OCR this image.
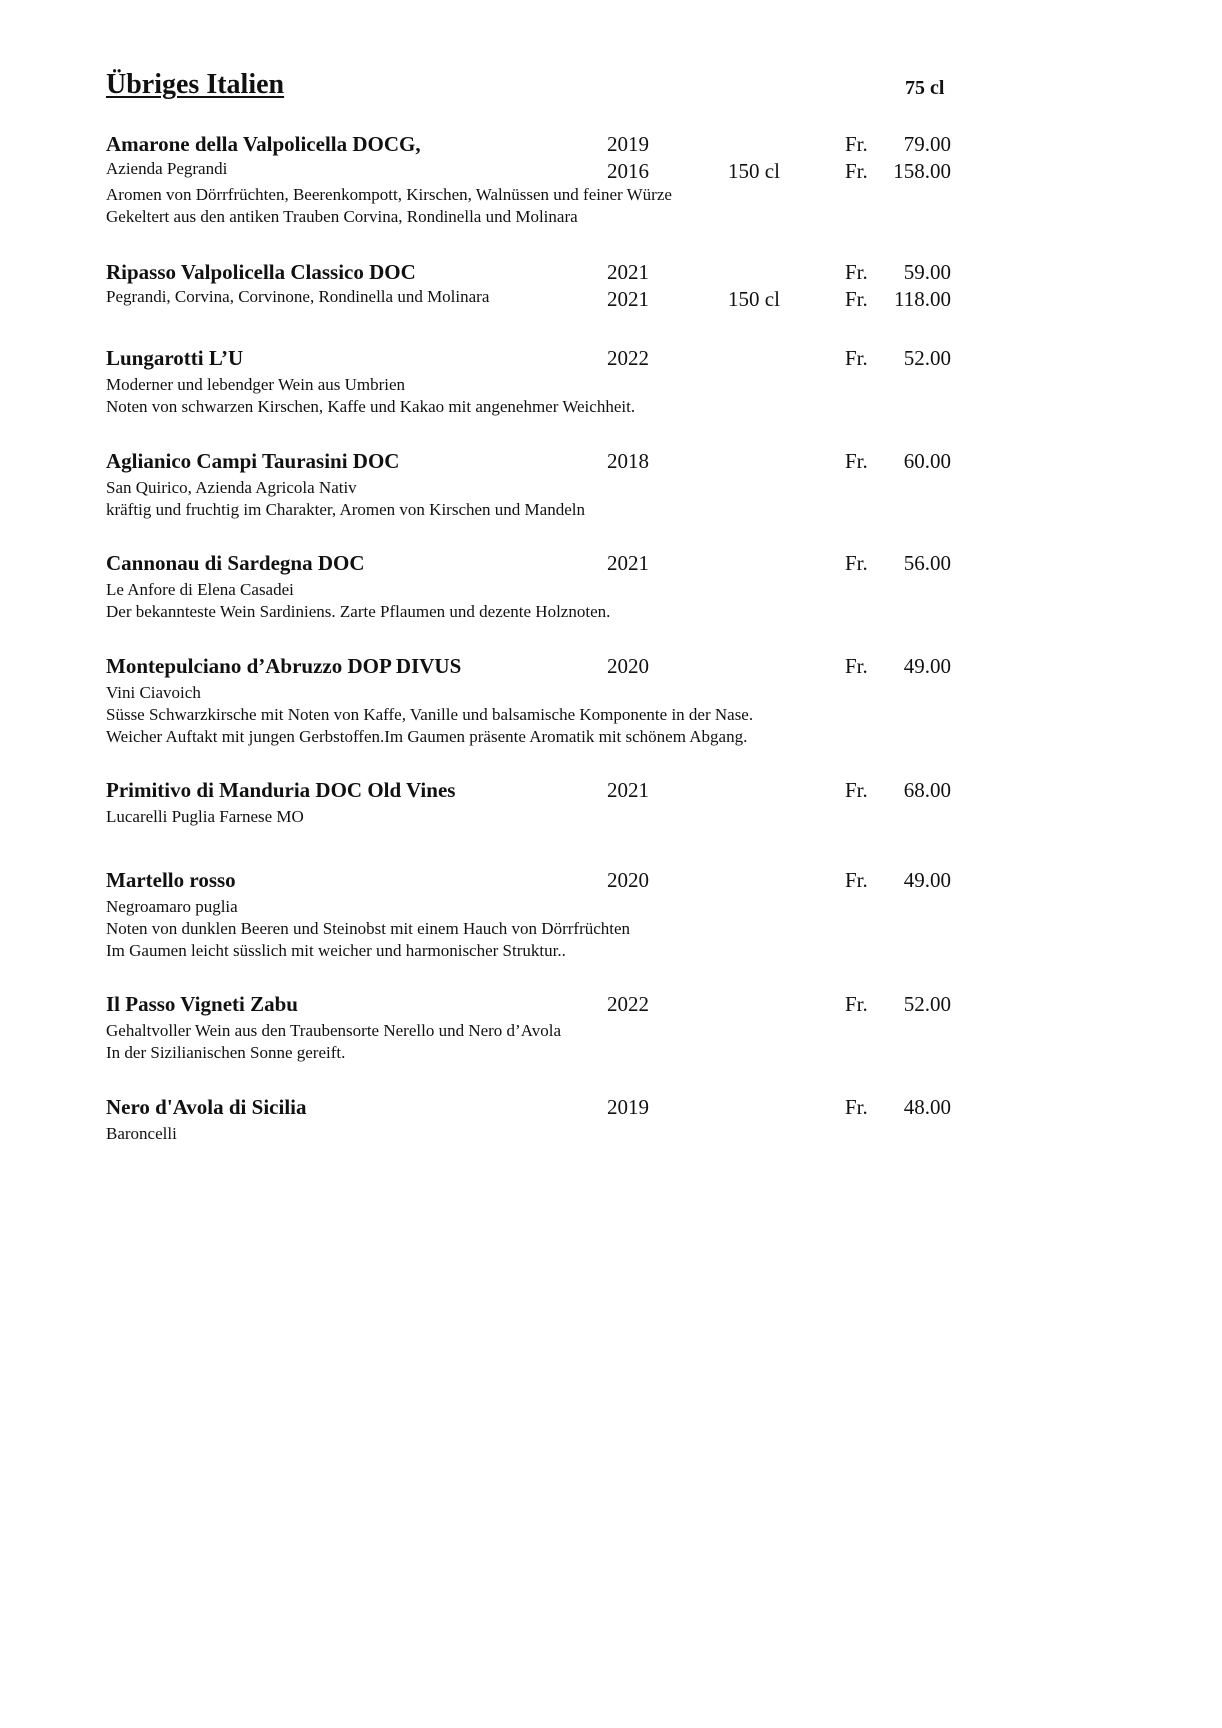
Übriges Italien	75 cl
Amarone della Valpolicella DOCG,	2019	Fr. 79.00
Azienda Pegrandi	2016	150 cl	Fr. 158.00
Aromen von Dörrfrüchten, Beerenkompott, Kirschen, Walnüssen und feiner Würze
Gekeltert aus den antiken Trauben Corvina, Rondinella und Molinara
Ripasso Valpolicella Classico DOC	2021	Fr. 59.00
Pegrandi, Corvina, Corvinone, Rondinella und Molinara	2021	150 cl	Fr. 118.00
Lungarotti L’U	2022	Fr. 52.00
Moderner und lebendger Wein aus Umbrien
Noten von schwarzen Kirschen, Kaffe und Kakao mit angenehmer Weichheit.
Aglianico Campi Taurasini DOC	2018	Fr. 60.00
San Quirico, Azienda Agricola Nativ
kräftig und fruchtig im Charakter, Aromen von Kirschen und Mandeln
Cannonau di Sardegna DOC	2021	Fr. 56.00
Le Anfore di Elena Casadei
Der bekannteste Wein Sardiniens. Zarte Pflaumen und dezente Holznoten.
Montepulciano d’Abruzzo DOP DIVUS	2020	Fr. 49.00
Vini Ciavoich
Süsse Schwarzkirsche mit Noten von Kaffe, Vanille und balsamische Komponente in der Nase.
Weicher Auftakt mit jungen Gerbstoffen.Im Gaumen präsente Aromatik mit schönem Abgang.
Primitivo di Manduria DOC Old Vines	2021	Fr. 68.00
Lucarelli Puglia Farnese MO
Martello rosso	2020	Fr. 49.00
Negroamaro puglia
Noten von dunklen Beeren und Steinobst mit einem Hauch von Dörrfrüchten
Im Gaumen leicht süsslich mit weicher und harmonischer Struktur..
Il Passo Vigneti Zabu	2022	Fr. 52.00
Gehaltvoller Wein aus den Traubensorte Nerello und Nero d’Avola
In der Sizilianischen Sonne gereift.
Nero d'Avola di Sicilia	2019	Fr. 48.00
Baroncelli
